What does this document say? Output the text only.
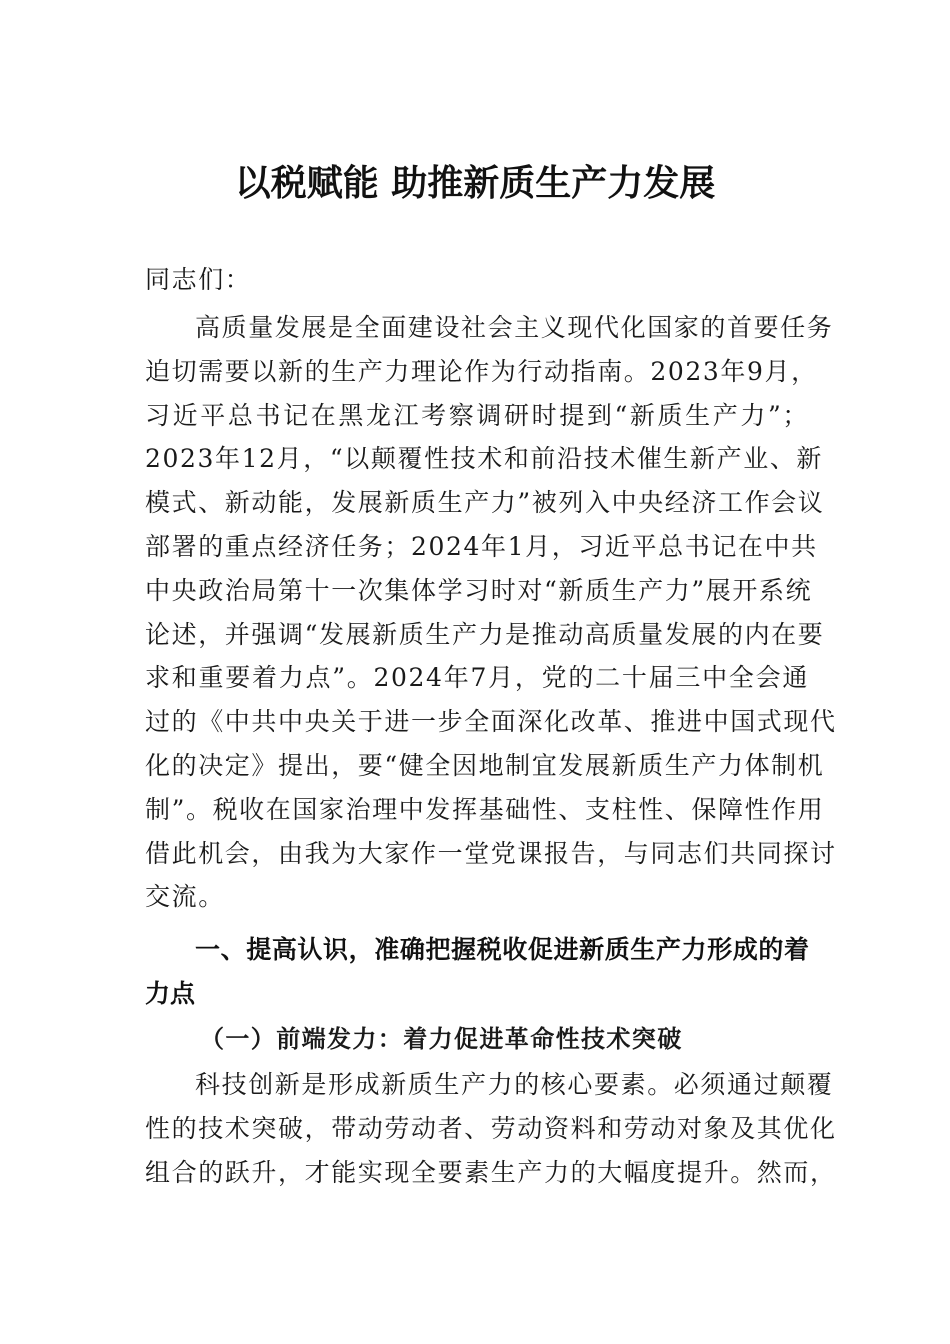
以税赋能 助推新质生产力发展
同志们：
高质量发展是全面建设社会主义现代化国家的首要任务
迫切需要以新的生产力理论作为行动指南。2023年9月，
习近平总书记在黑龙江考察调研时提到“新质生产力”；
2023年12月，“以颠覆性技术和前沿技术催生新产业、新
模式、新动能，发展新质生产力”被列入中央经济工作会议
部署的重点经济任务；2024年1月，习近平总书记在中共
中央政治局第十一次集体学习时对“新质生产力”展开系统
论述，并强调“发展新质生产力是推动高质量发展的内在要
求和重要着力点”。2024年7月，党的二十届三中全会通
过的《中共中央关于进一步全面深化改革、推进中国式现代
化的决定》提出，要“健全因地制宜发展新质生产力体制机
制”。税收在国家治理中发挥基础性、支柱性、保障性作用
借此机会，由我为大家作一堂党课报告，与同志们共同探讨
交流。
一、提高认识，准确把握税收促进新质生产力形成的着
力点
（一）前端发力：着力促进革命性技术突破
科技创新是形成新质生产力的核心要素。必须通过颠覆
性的技术突破，带动劳动者、劳动资料和劳动对象及其优化
组合的跃升，才能实现全要素生产力的大幅度提升。然而，
